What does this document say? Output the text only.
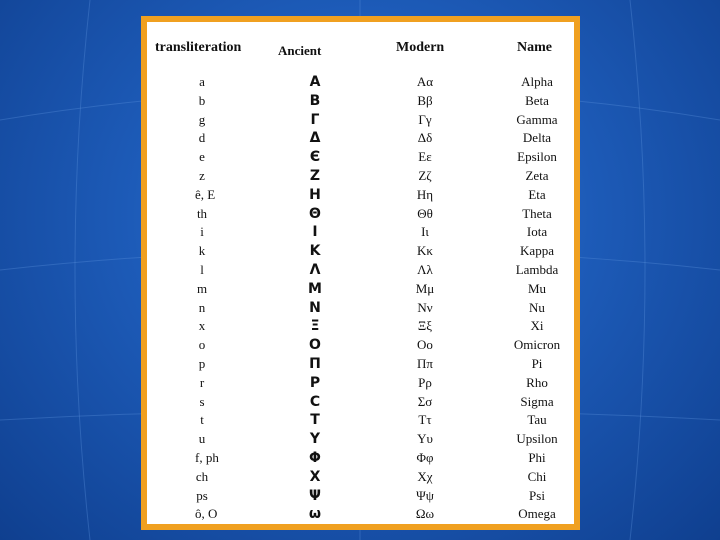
transliteration	Ancient	Modern	Name
a	Α	Αα	Alpha
b	Β	Ββ	Beta
g	Γ	Γγ	Gamma
d	Δ	Δδ	Delta
e	Є	Εε	Epsilon
z	Ζ	Ζζ	Zeta
ê, E	Η	Ηη	Eta
th	Θ	Θθ	Theta
i	Ι	Ιι	Iota
k	Κ	Κκ	Kappa
l	Λ	Λλ	Lambda
m	Μ	Μμ	Mu
n	Ν	Νν	Nu
x	Ξ	Ξξ	Xi
o	Ο	Οο	Omicron
p	Π	Ππ	Pi
r	Ρ	Ρρ	Rho
s	С	Σσ	Sigma
t	Τ	Ττ	Tau
u	Υ	Υυ	Upsilon
f, ph	Φ	Φφ	Phi
ch	Χ	Χχ	Chi
ps	Ψ	Ψψ	Psi
ô, O	ω	Ωω	Omega
